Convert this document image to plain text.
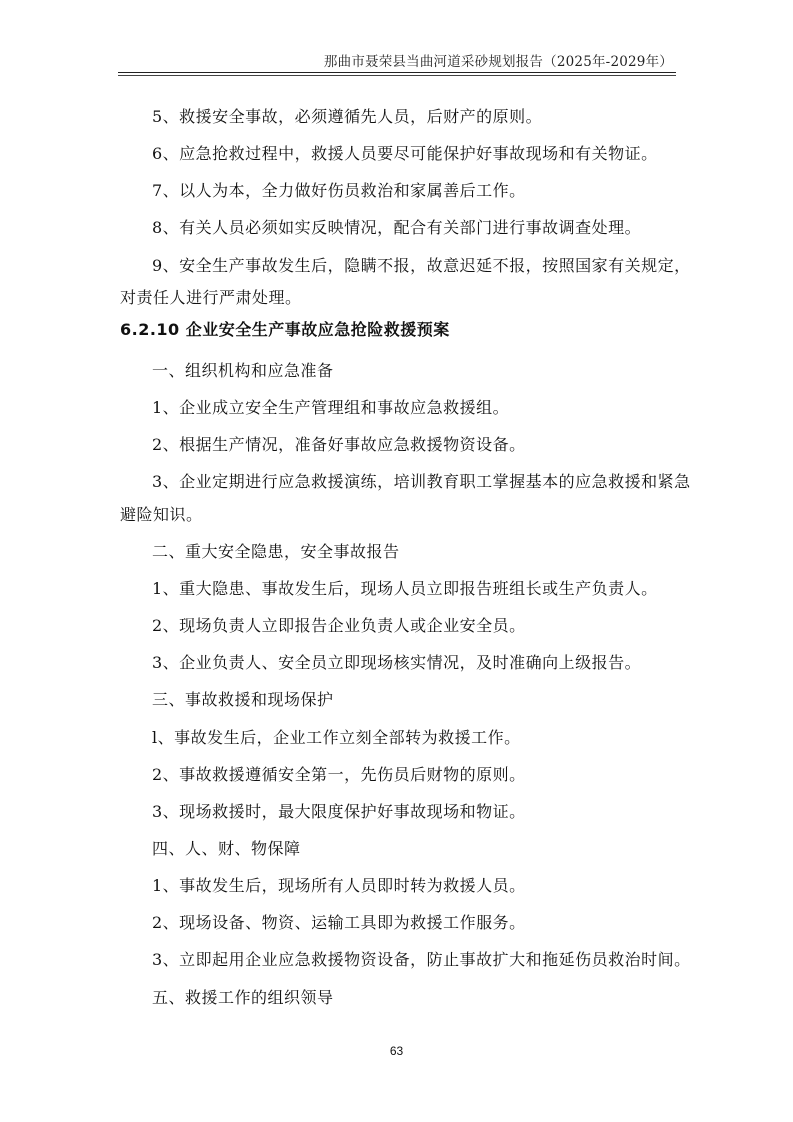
那曲市聂荣县当曲河道采砂规划报告（2025年-2029年）
5、救援安全事故，必须遵循先人员，后财产的原则。
6、应急抢救过程中，救援人员要尽可能保护好事故现场和有关物证。
7、以人为本，全力做好伤员救治和家属善后工作。
8、有关人员必须如实反映情况，配合有关部门进行事故调查处理。
9、安全生产事故发生后，隐瞒不报，故意迟延不报，按照国家有关规定，
对责任人进行严肃处理。
6.2.10 企业安全生产事故应急抢险救援预案
一、组织机构和应急准备
1、企业成立安全生产管理组和事故应急救援组。
2、根据生产情况，准备好事故应急救援物资设备。
3、企业定期进行应急救援演练，培训教育职工掌握基本的应急救援和紧急
避险知识。
二、重大安全隐患，安全事故报告
1、重大隐患、事故发生后，现场人员立即报告班组长或生产负责人。
2、现场负责人立即报告企业负责人或企业安全员。
3、企业负责人、安全员立即现场核实情况，及时准确向上级报告。
三、事故救援和现场保护
l、事故发生后，企业工作立刻全部转为救援工作。
2、事故救援遵循安全第一，先伤员后财物的原则。
3、现场救援时，最大限度保护好事故现场和物证。
四、人、财、物保障
1、事故发生后，现场所有人员即时转为救援人员。
2、现场设备、物资、运输工具即为救援工作服务。
3、立即起用企业应急救援物资设备，防止事故扩大和拖延伤员救治时间。
五、救援工作的组织领导
63
